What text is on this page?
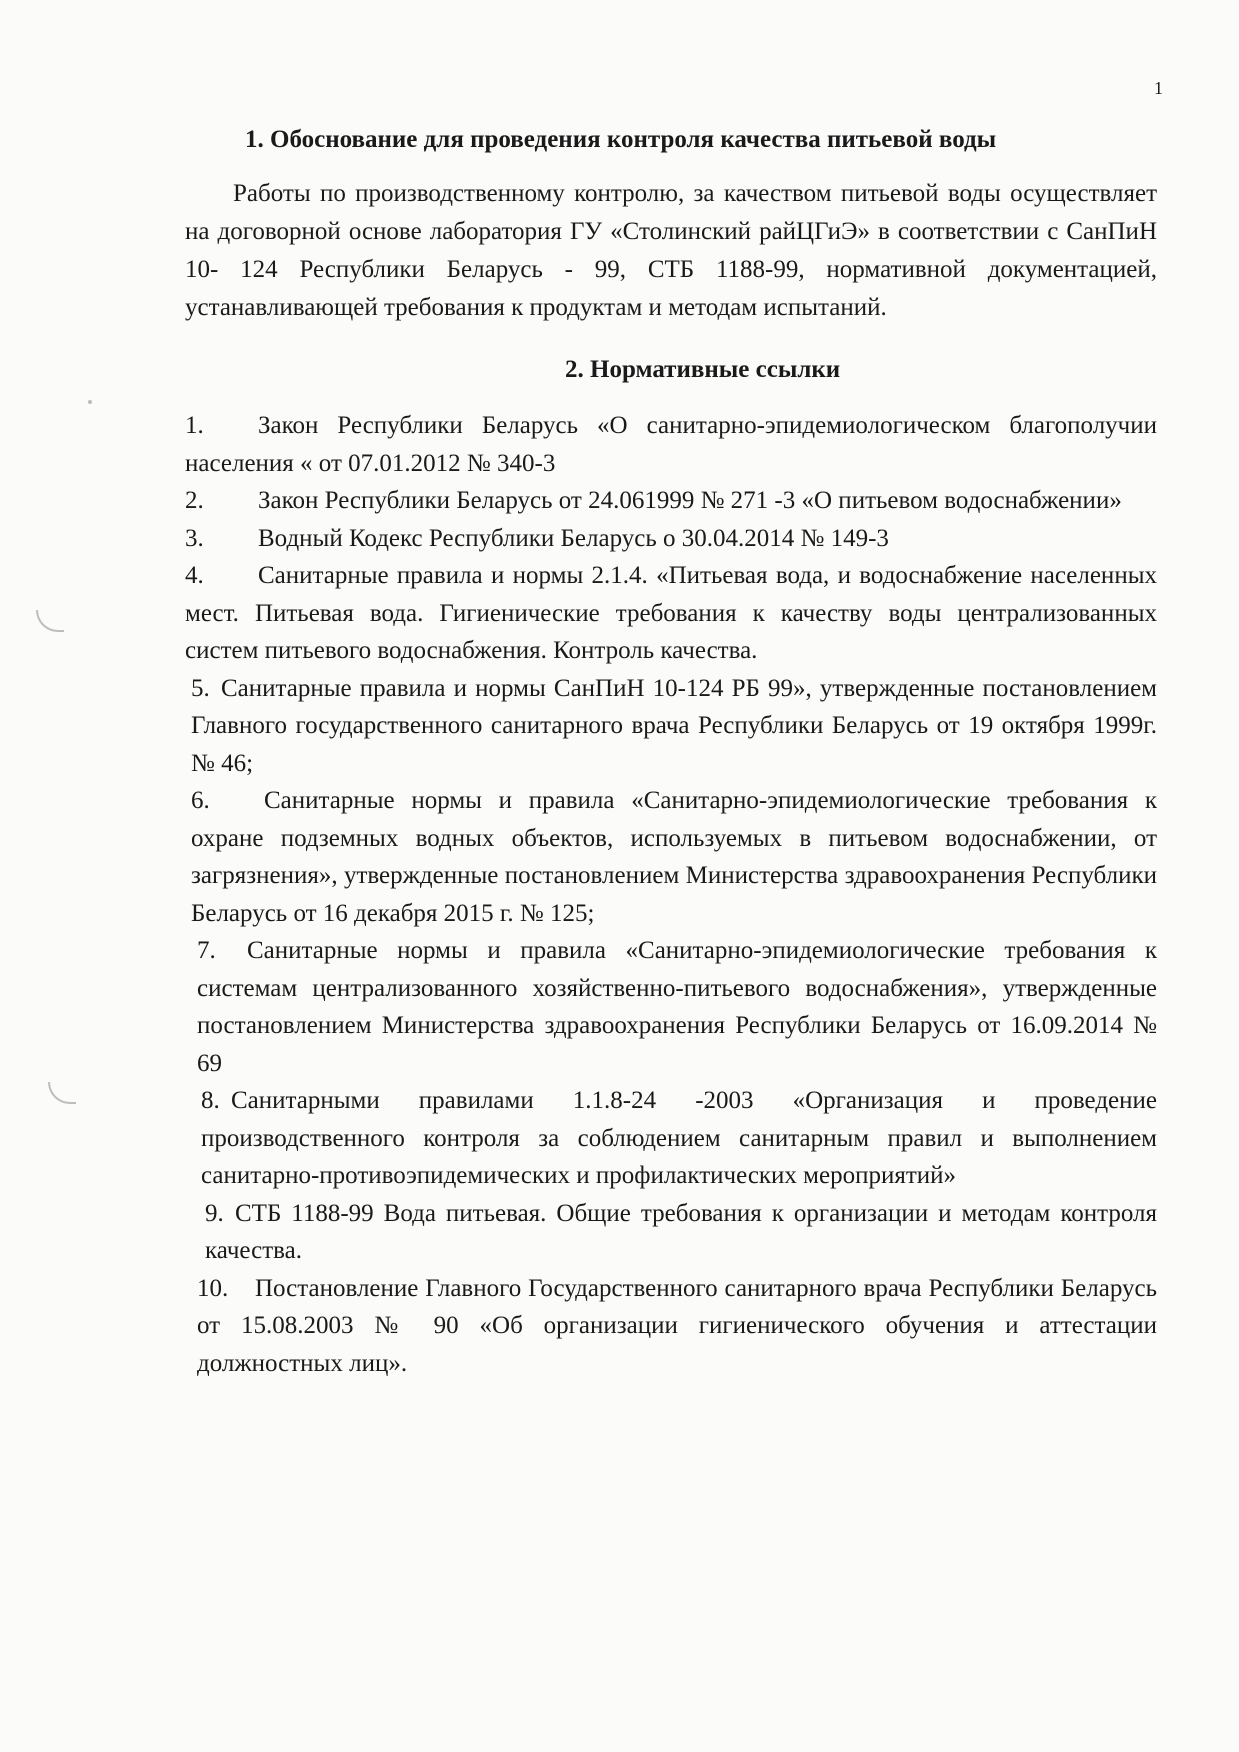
1
1. Обоснование для проведения контроля качества питьевой воды

Работы по производственному контролю, за качеством питьевой воды осуществляет на договорной основе лаборатория ГУ «Столинский райЦГиЭ» в соответствии с СанПиН 10- 124 Республики Беларусь - 99, СТБ 1188-99, нормативной документацией, устанавливающей требования к продуктам и методам испытаний.

2. Нормативные ссылки

1. Закон Республики Беларусь «О санитарно-эпидемиологическом благополучии населения « от 07.01.2012 № 340-3

2. Закон Республики Беларусь от 24.061999 № 271 -3 «О питьевом водоснабжении»

3. Водный Кодекс Республики Беларусь о 30.04.2014 № 149-3

4. Санитарные правила и нормы 2.1.4. «Питьевая вода, и водоснабжение населенных мест. Питьевая вода. Гигиенические требования к качеству воды централизованных систем питьевого водоснабжения. Контроль качества.

5. Санитарные правила и нормы СанПиН 10-124 РБ 99», утвержденные постановлением Главного государственного санитарного врача Республики Беларусь от 19 октября 1999г. № 46;

6. Санитарные нормы и правила «Санитарно-эпидемиологические требования к охране подземных водных объектов, используемых в питьевом водоснабжении, от загрязнения», утвержденные постановлением Министерства здравоохранения Республики Беларусь от 16 декабря 2015 г. № 125;

7. Санитарные нормы и правила «Санитарно-эпидемиологические требования к системам централизованного хозяйственно-питьевого водоснабжения», утвержденные постановлением Министерства здравоохранения Республики Беларусь от 16.09.2014 № 69

8. Санитарными правилами 1.1.8-24 -2003 «Организация и проведение производственного контроля за соблюдением санитарным правил и выполнением санитарно-противоэпидемических и профилактических мероприятий»

9. СТБ 1188-99 Вода питьевая. Общие требования к организации и методам контроля качества.

10. Постановление Главного Государственного санитарного врача Республики Беларусь от 15.08.2003 № 90 «Об организации гигиенического обучения и аттестации должностных лиц».
